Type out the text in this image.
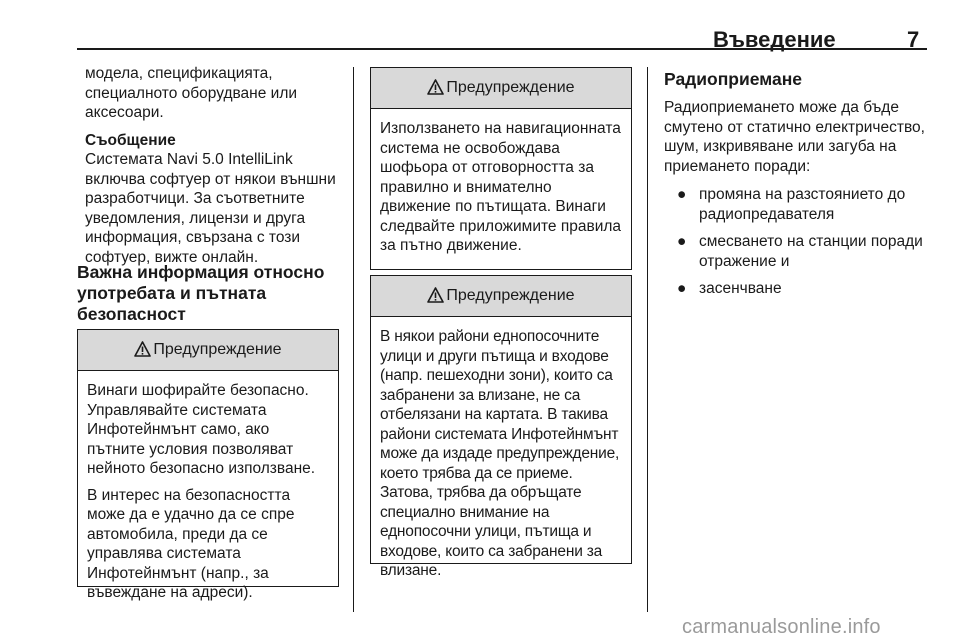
Въведение	7

модела, спецификацията, специалното оборудване или аксесоари.

Съобщение

Системата Navi 5.0 IntelliLink включва софтуер от някои външни разработчици. За съответните уведомления, лицензи и друга информация, свързана с този софтуер, вижте онлайн.

Важна информация относно употребата и пътната безопасност
Предупреждение

Винаги шофирайте безопасно. Управлявайте системата Инфотейнмънт само, ако пътните условия позволяват нейното безопасно използване.

В интерес на безопасността може да е удачно да се спре автомобила, преди да се управлява системата Инфотейнмънт (напр., за въвеждане на адреси).

Предупреждение

Използването на навигационната система не освобождава шофьора от отговорността за правилно и внимателно движение по пътищата. Винаги следвайте приложимите правила за пътно движение.

Предупреждение

В някои райони еднопосочните улици и други пътища и входове (напр. пешеходни зони), които са забранени за влизане, не са отбелязани на картата. В такива райони системата Инфотейнмънт може да издаде предупреждение, което трябва да се приеме. Затова, трябва да обръщате специално внимание на еднопосочни улици, пътища и входове, които са забранени за влизане.

Радиоприемане

Радиоприемането може да бъде смутено от статично електричество, шум, изкривяване или загуба на приемането поради:

● промяна на разстоянието до радиопредавателя
● смесването на станции поради отражение и
● засенчване
carmanualsonline.info
